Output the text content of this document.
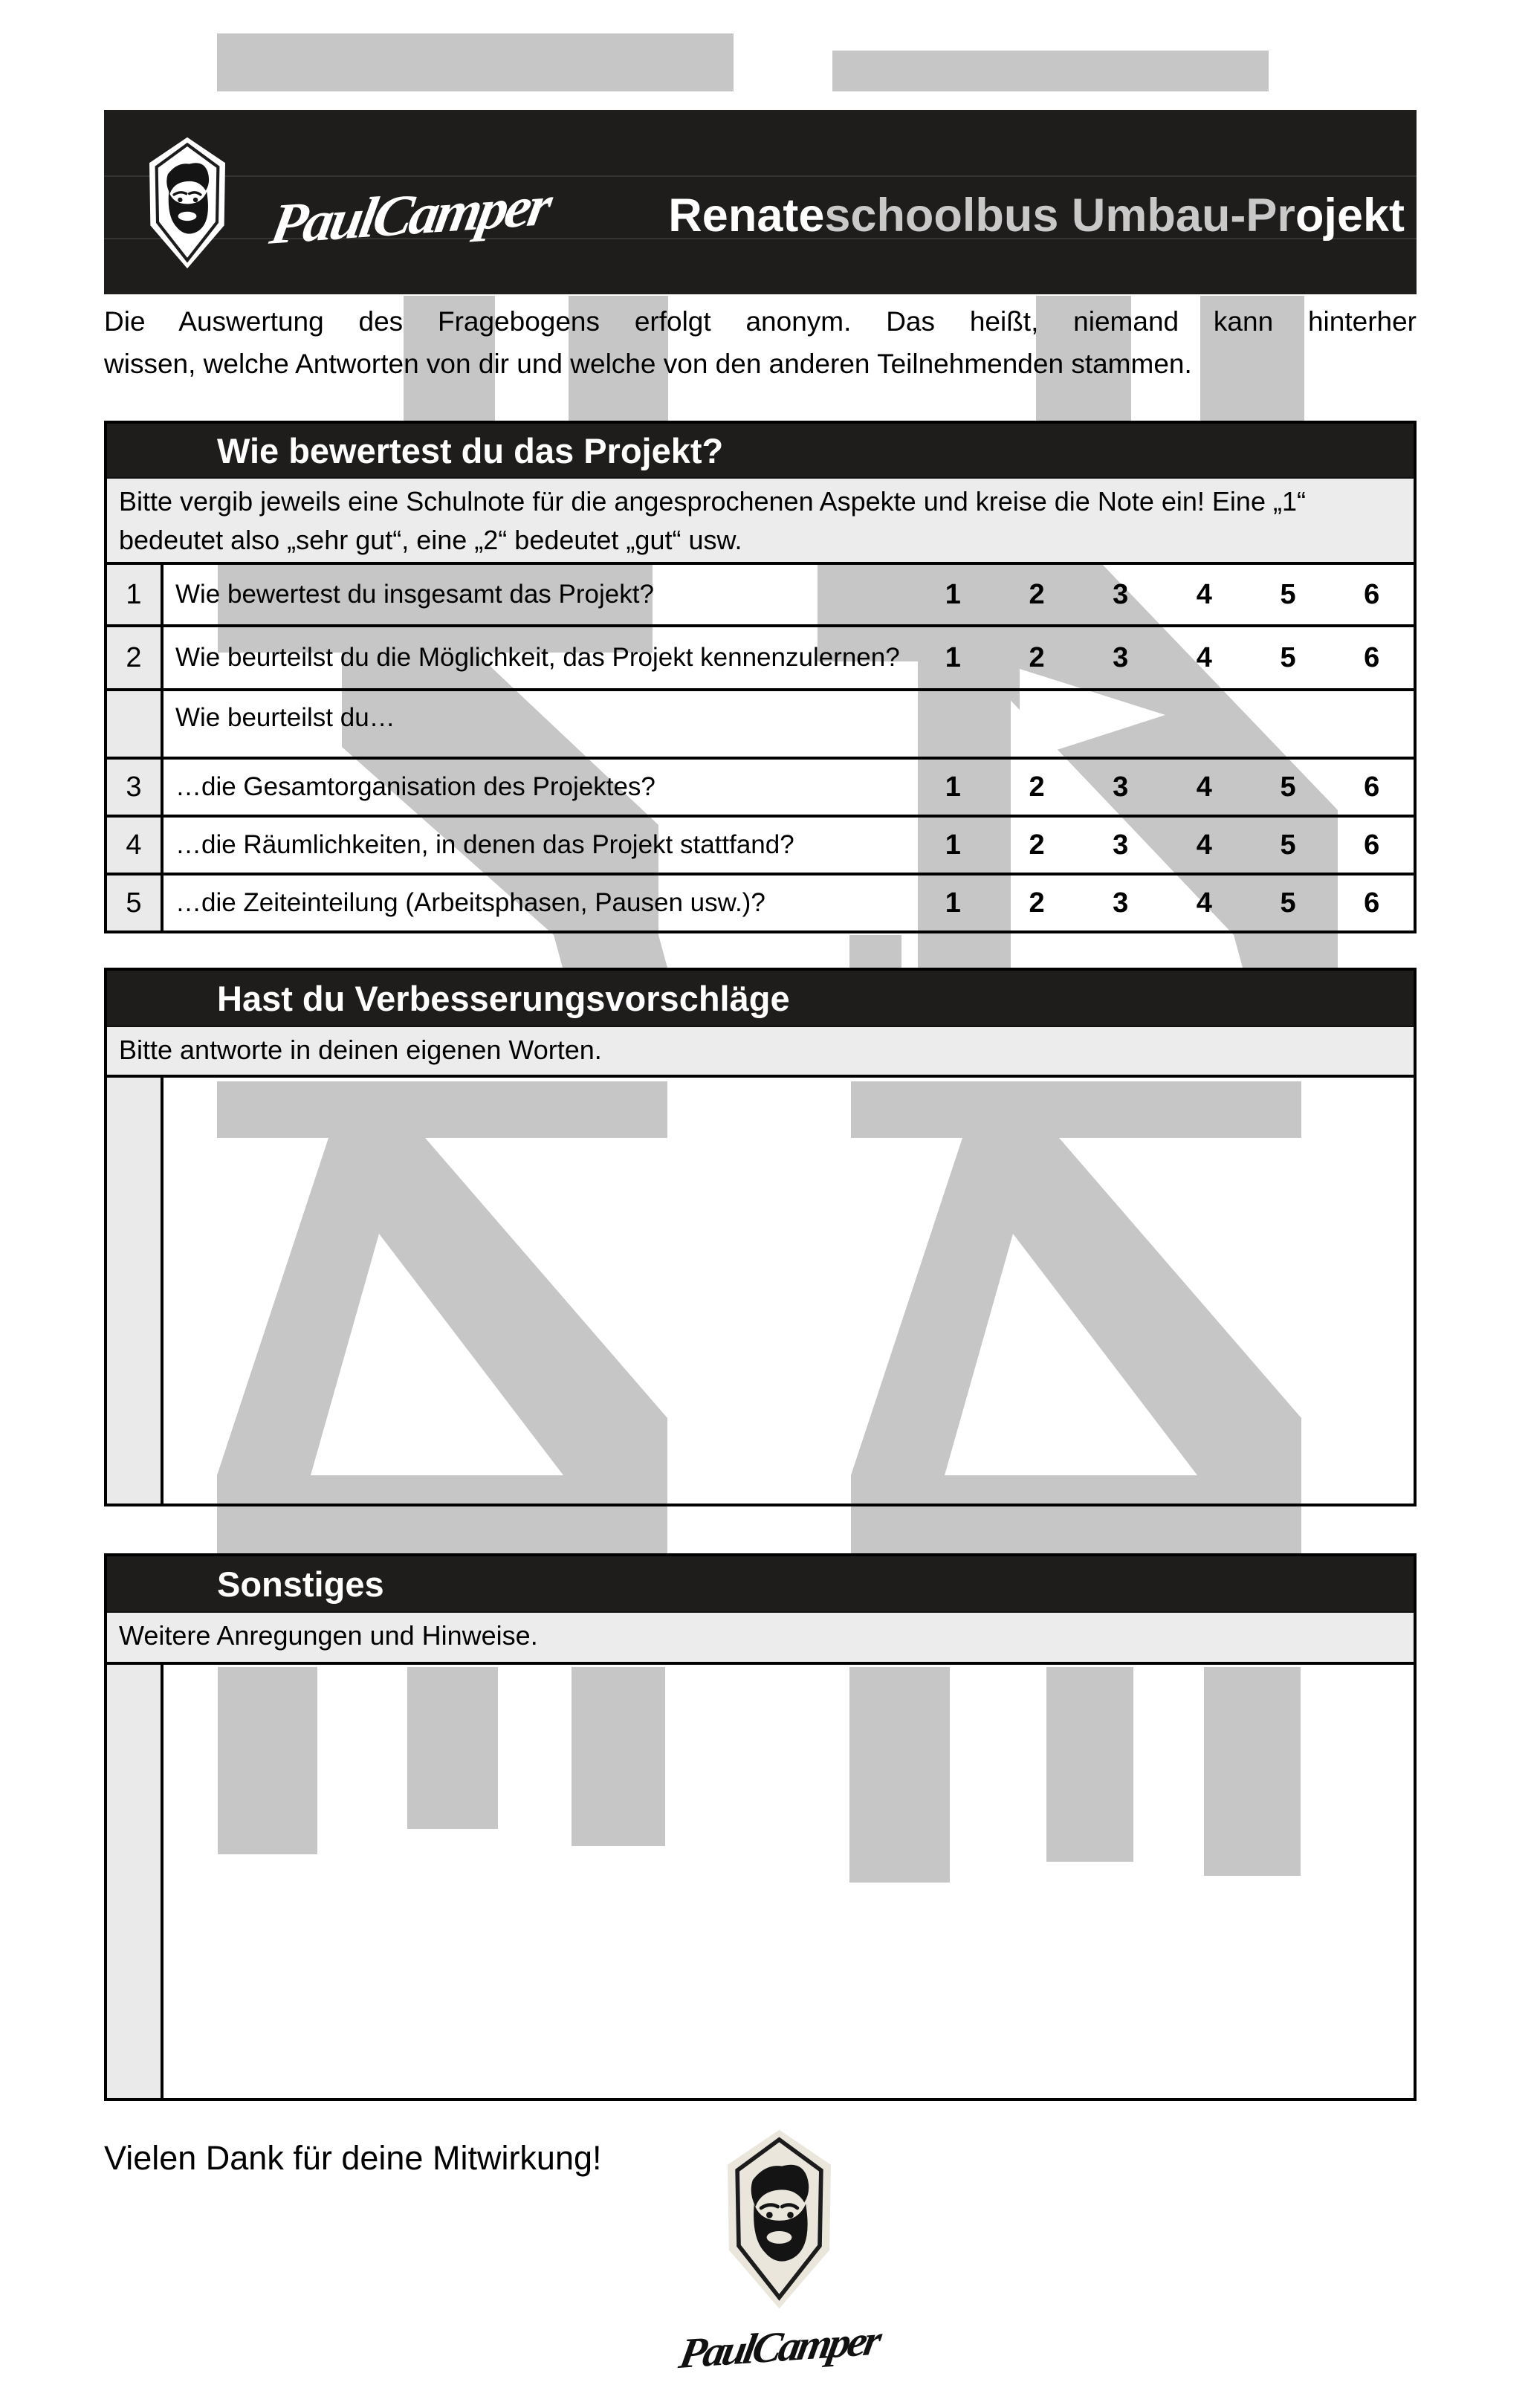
PaulCamper Renateschoolbus Umbau-Projekt
Die Auswertung des Fragebogens erfolgt anonym. Das heißt, niemand kann hinterher
wissen, welche Antworten von dir und welche von den anderen Teilnehmenden stammen.
Wie bewertest du das Projekt?
Bitte vergib jeweils eine Schulnote für die angesprochenen Aspekte und kreise die Note ein! Eine „1“ bedeutet also „sehr gut“, eine „2“ bedeutet „gut“ usw.
1	Wie bewertest du insgesamt das Projekt?	1	2	3	4	5	6
2	Wie beurteilst du die Möglichkeit, das Projekt kennenzulernen?	1	2	3	4	5	6
Wie beurteilst du…
3	…die Gesamtorganisation des Projektes?	1	2	3	4	5	6
4	…die Räumlichkeiten, in denen das Projekt stattfand?	1	2	3	4	5	6
5	…die Zeiteinteilung (Arbeitsphasen, Pausen usw.)?	1	2	3	4	5	6
Hast du Verbesserungsvorschläge
Bitte antworte in deinen eigenen Worten.
Sonstiges
Weitere Anregungen und Hinweise.
Vielen Dank für deine Mitwirkung!
PaulCamper
